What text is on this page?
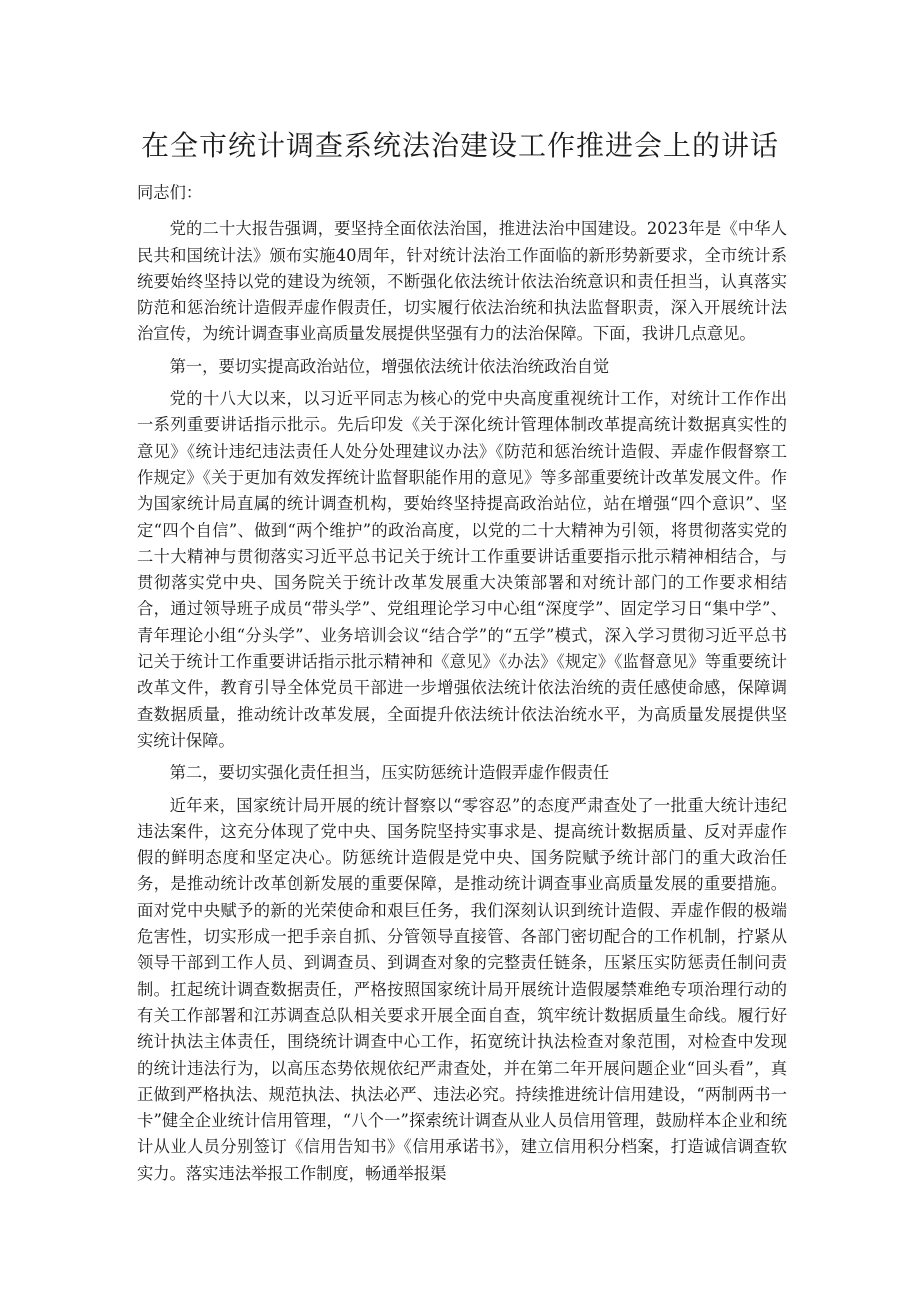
在全市统计调查系统法治建设工作推进会上的讲话

同志们：

党的二十大报告强调，要坚持全面依法治国，推进法治中国建设。2023年是《中华人民共和国统计法》颁布实施40周年，针对统计法治工作面临的新形势新要求，全市统计系统要始终坚持以党的建设为统领，不断强化依法统计依法治统意识和责任担当，认真落实防范和惩治统计造假弄虚作假责任，切实履行依法治统和执法监督职责，深入开展统计法治宣传，为统计调查事业高质量发展提供坚强有力的法治保障。下面，我讲几点意见。

第一，要切实提高政治站位，增强依法统计依法治统政治自觉

党的十八大以来，以习近平同志为核心的党中央高度重视统计工作，对统计工作作出一系列重要讲话指示批示。先后印发《关于深化统计管理体制改革提高统计数据真实性的意见》《统计违纪违法责任人处分处理建议办法》《防范和惩治统计造假、弄虚作假督察工作规定》《关于更加有效发挥统计监督职能作用的意见》等多部重要统计改革发展文件。作为国家统计局直属的统计调查机构，要始终坚持提高政治站位，站在增强“四个意识”、坚定“四个自信”、做到“两个维护”的政治高度，以党的二十大精神为引领，将贯彻落实党的二十大精神与贯彻落实习近平总书记关于统计工作重要讲话重要指示批示精神相结合，与贯彻落实党中央、国务院关于统计改革发展重大决策部署和对统计部门的工作要求相结合，通过领导班子成员“带头学”、党组理论学习中心组“深度学”、固定学习日“集中学”、青年理论小组“分头学”、业务培训会议“结合学”的“五学”模式，深入学习贯彻习近平总书记关于统计工作重要讲话指示批示精神和《意见》《办法》《规定》《监督意见》等重要统计改革文件，教育引导全体党员干部进一步增强依法统计依法治统的责任感使命感，保障调查数据质量，推动统计改革发展，全面提升依法统计依法治统水平，为高质量发展提供坚实统计保障。

第二，要切实强化责任担当，压实防惩统计造假弄虚作假责任

近年来，国家统计局开展的统计督察以“零容忍”的态度严肃查处了一批重大统计违纪违法案件，这充分体现了党中央、国务院坚持实事求是、提高统计数据质量、反对弄虚作假的鲜明态度和坚定决心。防惩统计造假是党中央、国务院赋予统计部门的重大政治任务，是推动统计改革创新发展的重要保障，是推动统计调查事业高质量发展的重要措施。面对党中央赋予的新的光荣使命和艰巨任务，我们深刻认识到统计造假、弄虚作假的极端危害性，切实形成一把手亲自抓、分管领导直接管、各部门密切配合的工作机制，拧紧从领导干部到工作人员、到调查员、到调查对象的完整责任链条，压紧压实防惩责任制问责制。扛起统计调查数据责任，严格按照国家统计局开展统计造假屡禁难绝专项治理行动的有关工作部署和江苏调查总队相关要求开展全面自查，筑牢统计数据质量生命线。履行好统计执法主体责任，围绕统计调查中心工作，拓宽统计执法检查对象范围，对检查中发现的统计违法行为，以高压态势依规依纪严肃查处，并在第二年开展问题企业“回头看”，真正做到严格执法、规范执法、执法必严、违法必究。持续推进统计信用建设，“两制两书一卡”健全企业统计信用管理，“八个一”探索统计调查从业人员信用管理，鼓励样本企业和统计从业人员分别签订《信用告知书》《信用承诺书》，建立信用积分档案，打造诚信调查软实力。落实违法举报工作制度，畅通举报渠
